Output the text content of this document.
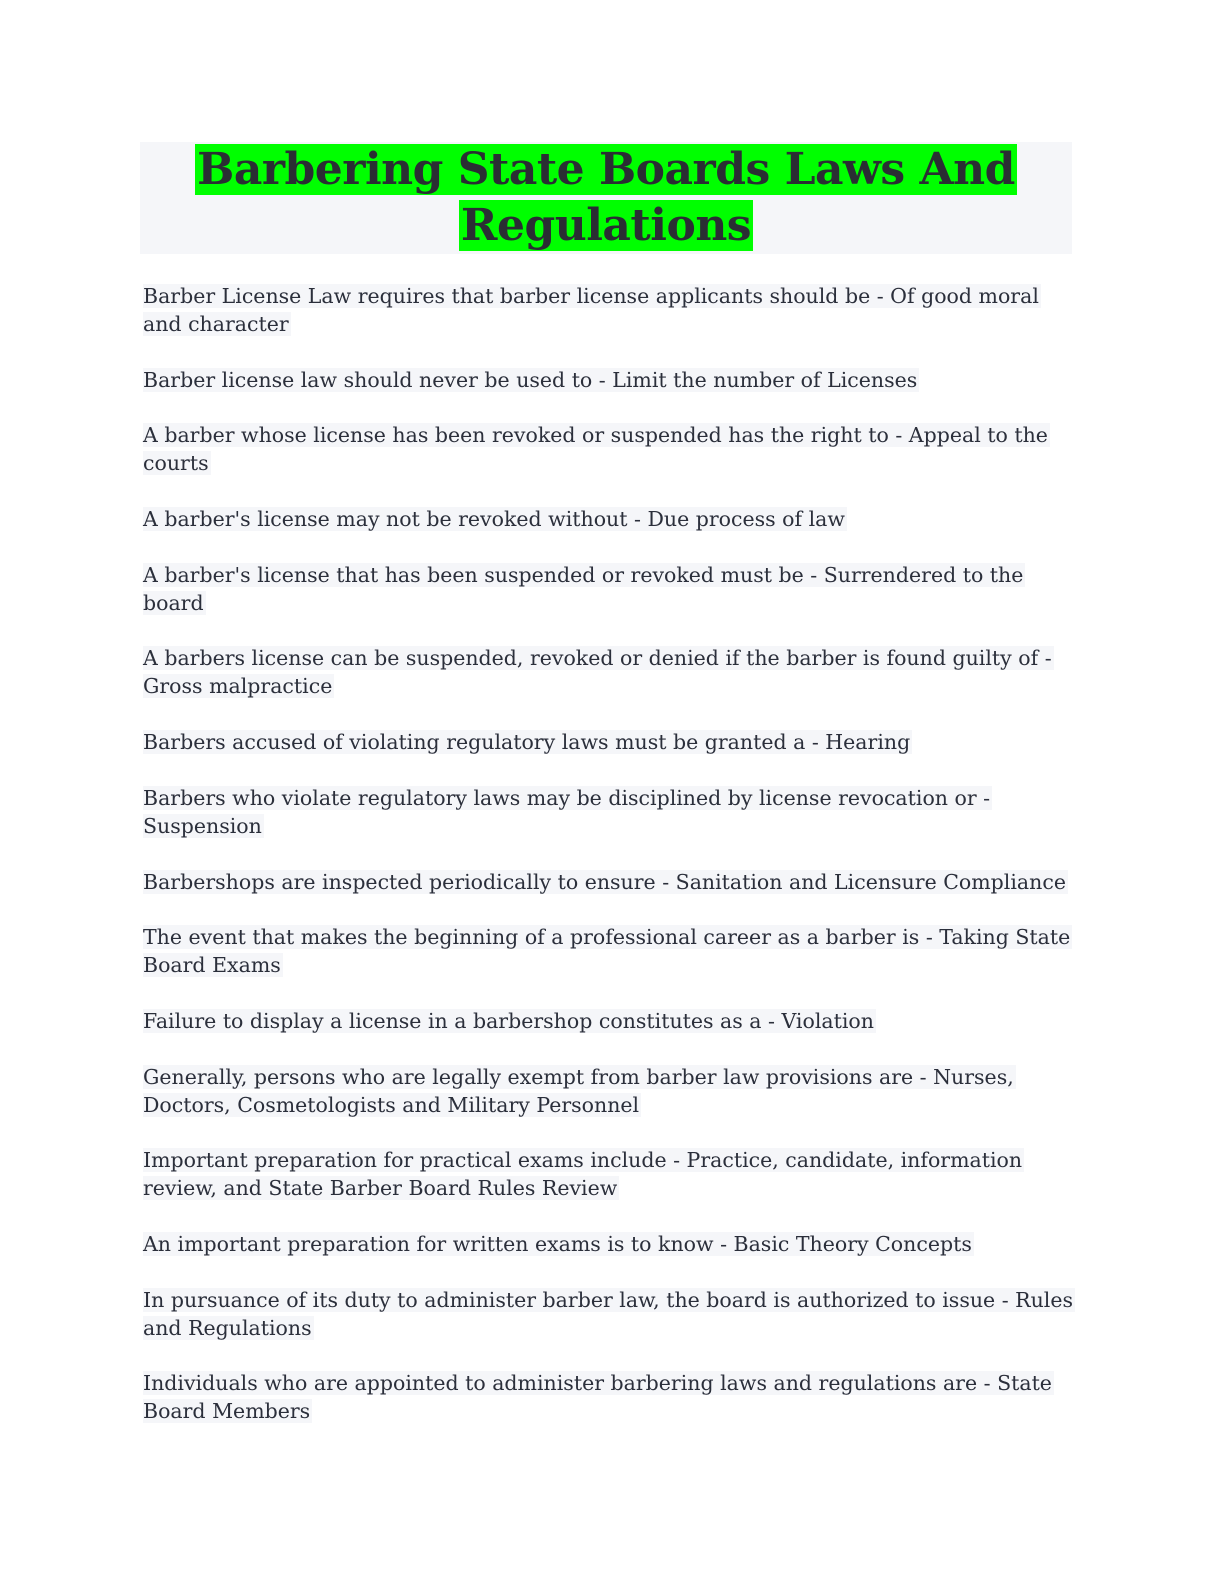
Barbering State Boards Laws And Regulations

Barber License Law requires that barber license applicants should be - Of good moral and character

Barber license law should never be used to - Limit the number of Licenses

A barber whose license has been revoked or suspended has the right to - Appeal to the courts

A barber's license may not be revoked without - Due process of law

A barber's license that has been suspended or revoked must be - Surrendered to the board

A barbers license can be suspended, revoked or denied if the barber is found guilty of - Gross malpractice

Barbers accused of violating regulatory laws must be granted a - Hearing

Barbers who violate regulatory laws may be disciplined by license revocation or - Suspension

Barbershops are inspected periodically to ensure - Sanitation and Licensure Compliance

The event that makes the beginning of a professional career as a barber is - Taking State Board Exams

Failure to display a license in a barbershop constitutes as a - Violation

Generally, persons who are legally exempt from barber law provisions are - Nurses, Doctors, Cosmetologists and Military Personnel

Important preparation for practical exams include - Practice, candidate, information review, and State Barber Board Rules Review

An important preparation for written exams is to know - Basic Theory Concepts

In pursuance of its duty to administer barber law, the board is authorized to issue - Rules and Regulations

Individuals who are appointed to administer barbering laws and regulations are - State Board Members
